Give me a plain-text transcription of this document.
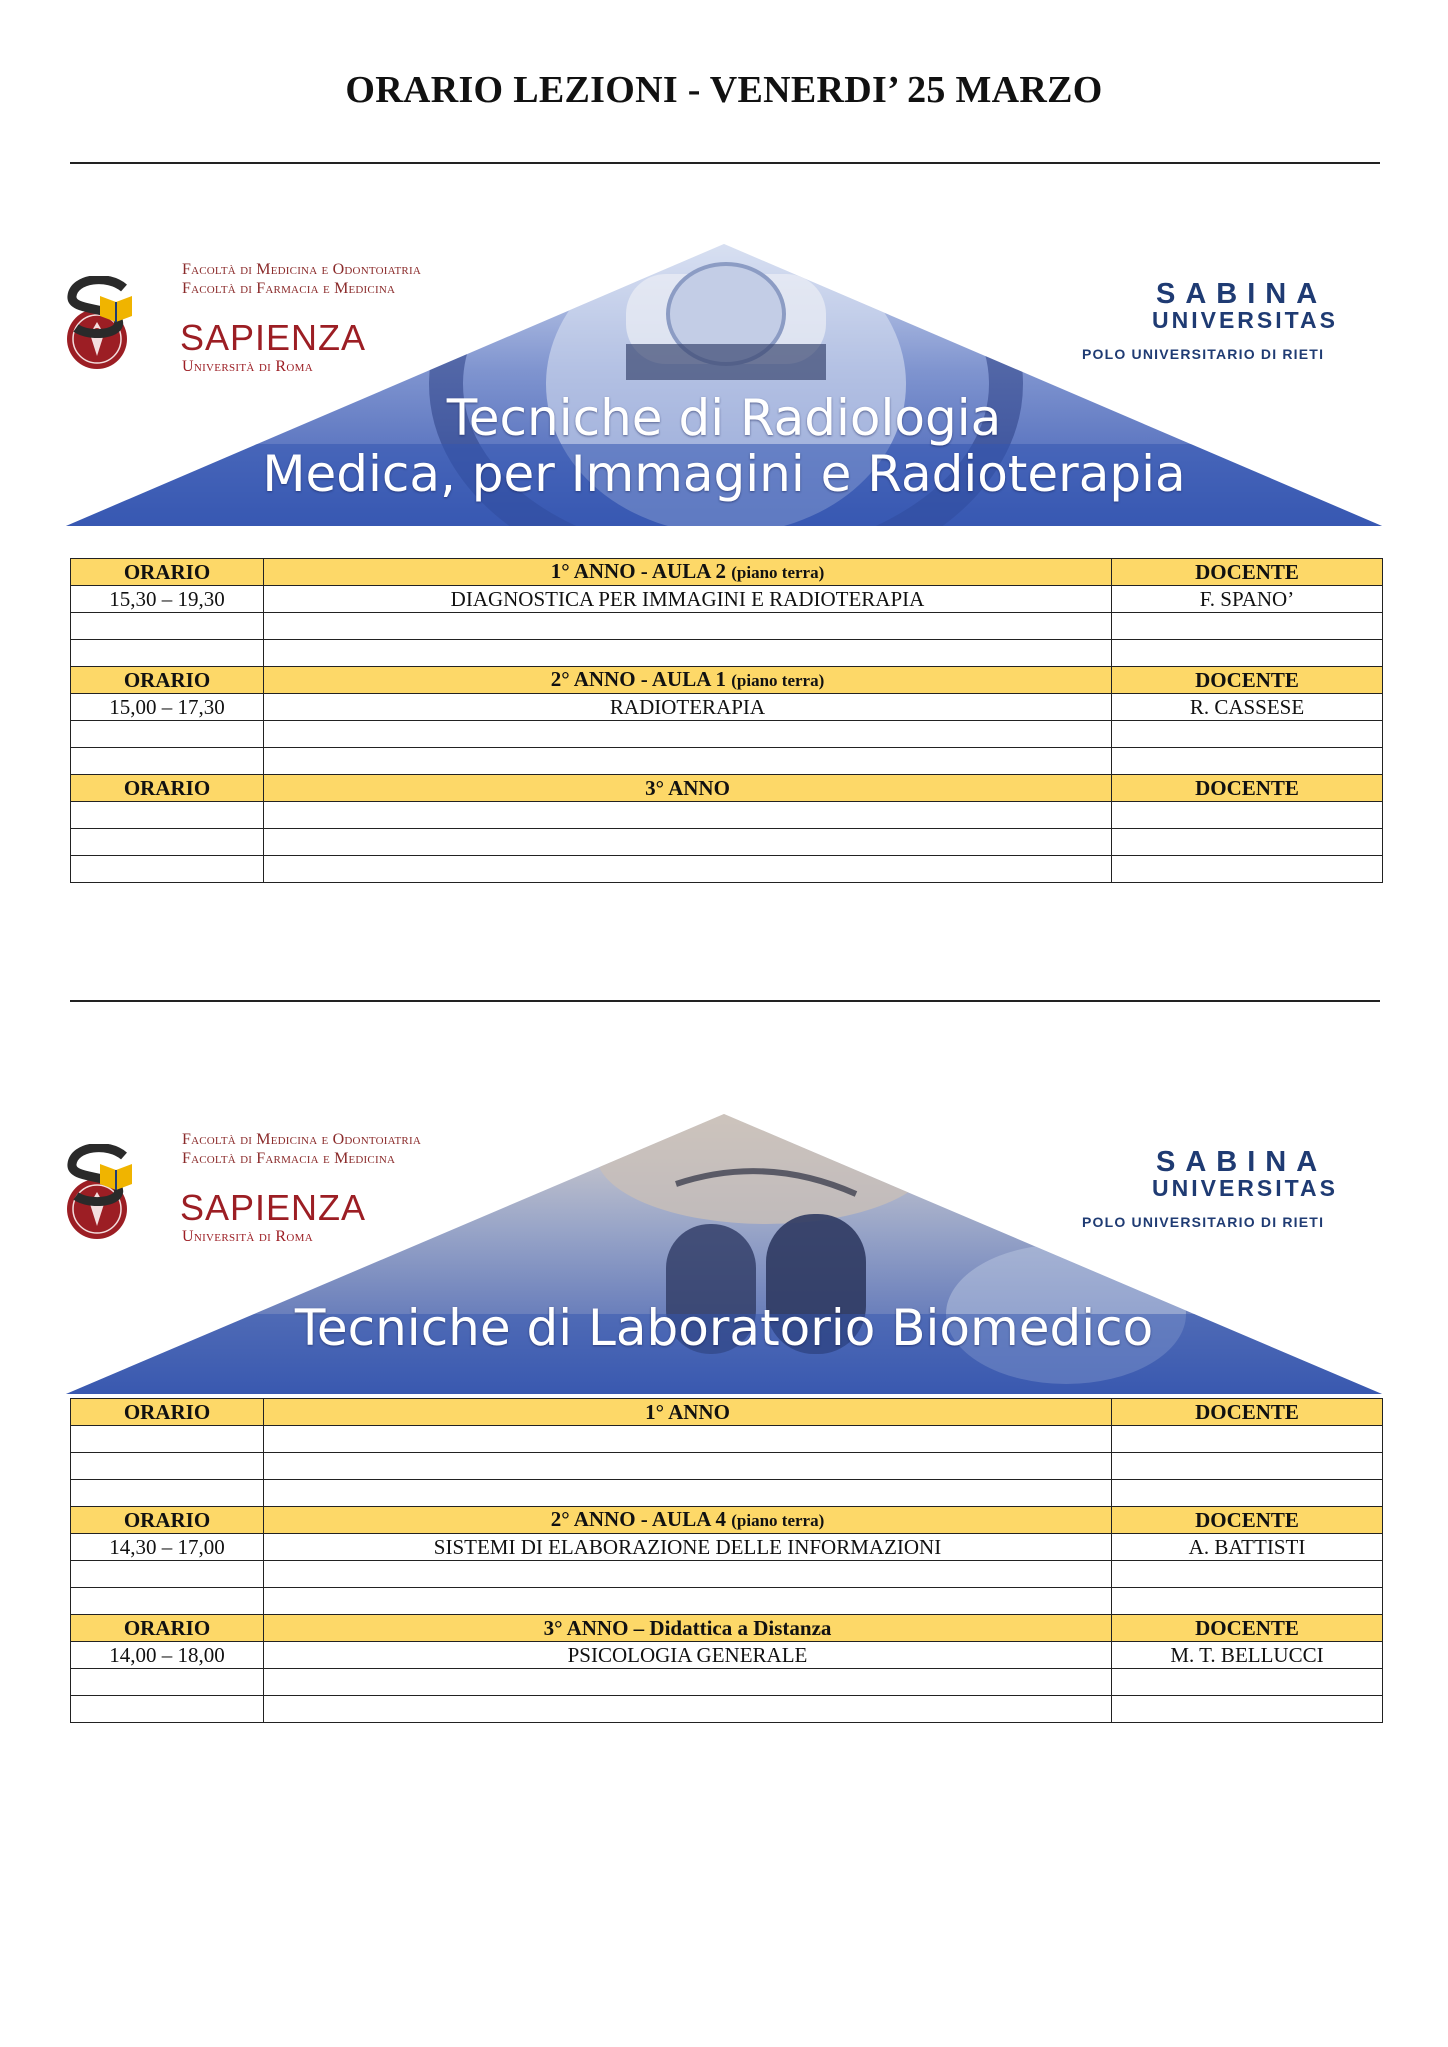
ORARIO LEZIONI - VENERDI’ 25 MARZO
Facoltà di Medicina e Odontoiatria
Facoltà di Farmacia e Medicina
SAPIENZA
Università di Roma
SABINA
UNIVERSITAS
POLO UNIVERSITARIO DI RIETI
Tecniche di Radiologia
Medica, per Immagini e Radioterapia
ORARIO	1° ANNO - AULA 2 (piano terra)	DOCENTE
15,30 – 19,30	DIAGNOSTICA PER IMMAGINI E RADIOTERAPIA	F. SPANO’

ORARIO	2° ANNO - AULA 1 (piano terra)	DOCENTE
15,00 – 17,30	RADIOTERAPIA	R. CASSESE

ORARIO	3° ANNO	DOCENTE

Facoltà di Medicina e Odontoiatria
Facoltà di Farmacia e Medicina
SAPIENZA
Università di Roma
SABINA
UNIVERSITAS
POLO UNIVERSITARIO DI RIETI
Tecniche di Laboratorio Biomedico
ORARIO	1° ANNO	DOCENTE

ORARIO	2° ANNO - AULA 4 (piano terra)	DOCENTE
14,30 – 17,00	SISTEMI DI ELABORAZIONE DELLE INFORMAZIONI	A. BATTISTI

ORARIO	3° ANNO – Didattica a Distanza	DOCENTE
14,00 – 18,00	PSICOLOGIA GENERALE	M. T. BELLUCCI
